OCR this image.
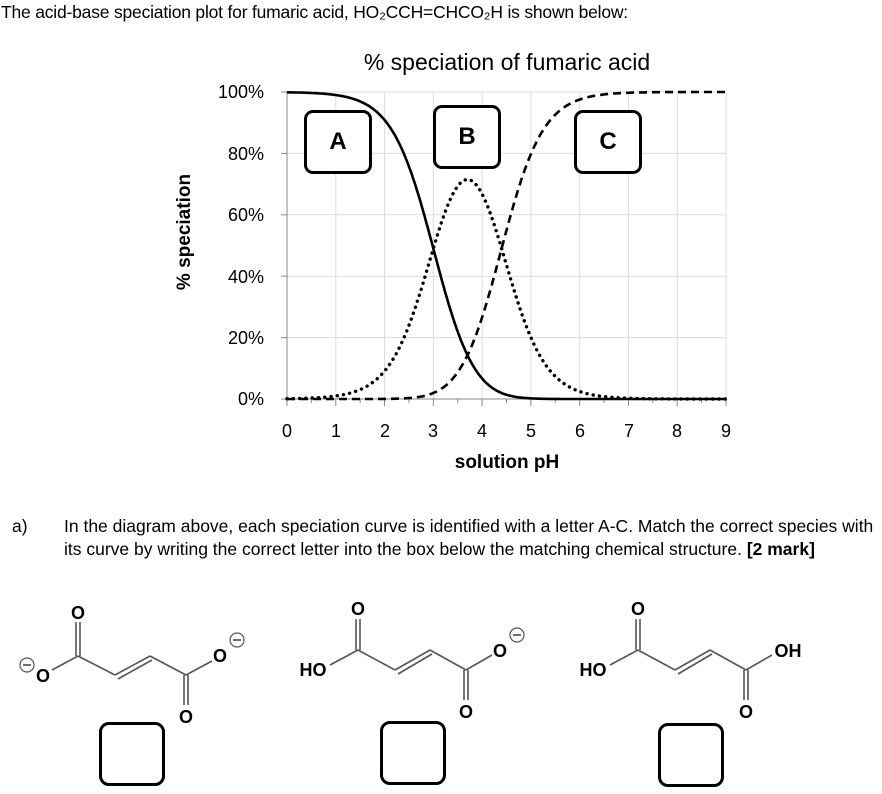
The acid-base speciation plot for fumaric acid, HO₂CCH=CHCO₂H is shown below:
% speciation of fumaric acid
100%
80%
60%
40%
20%
0%
% speciation
0	1	2	3	4	5	6	7	8	9
solution pH
A	B	C
a) In the diagram above, each speciation curve is identified with a letter A-C. Match the correct species with its curve by writing the correct letter into the box below the matching chemical structure. [2 mark]
O
O
O
O
O
HO
O
O
O
HO
OH
O
